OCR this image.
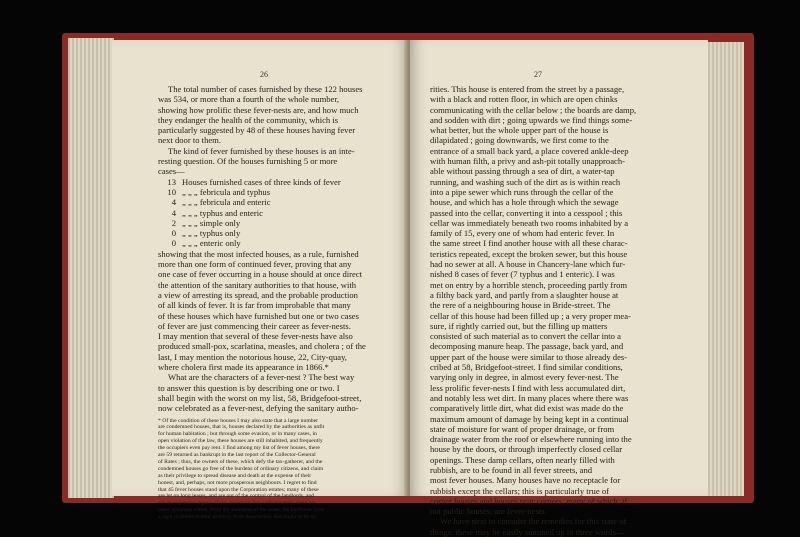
26
The total number of cases furnished by these 122 houses
was 534, or more than a fourth of the whole number,
showing how prolific these fever-nests are, and how much
they endanger the health of the community, which is
particularly suggested by 48 of these houses having fever
next door to them.
The kind of fever furnished by these houses is an inte-
resting question. Of the houses furnishing 5 or more
cases—
13 Houses furnished cases of three kinds of fever
10 „ „ „ febricula and typhus
4 „ „ „ febricula and enteric
4 „ „ „ typhus and enteric
2 „ „ „ simple only
0 „ „ „ typhus only
0 „ „ „ enteric only
showing that the most infected houses, as a rule, furnished
more than one form of continued fever, proving that any
one case of fever occurring in a house should at once direct
the attention of the sanitary authorities to that house, with
a view of arresting its spread, and the probable production
of all kinds of fever. It is far from improbable that many
of these houses which have furnished but one or two cases
of fever are just commencing their career as fever-nests.
I may mention that several of these fever-nests have also
produced small-pox, scarlatina, measles, and cholera ; of the
last, I may mention the notorious house, 22, City-quay,
where cholera first made its appearance in 1866.*
What are the characters of a fever-nest ? The best way
to answer this question is by describing one or two. I
shall begin with the worst on my list, 58, Bridgefoot-street,
now celebrated as a fever-nest, defying the sanitary autho-
* Of the condition of these houses I may also state that a large number
are condemned houses, that is, houses declared by the authorities as unfit
for human habitation ; but through some evasion, or in many cases, in
open violation of the law, these houses are still inhabited, and frequently
the occupiers even pay rent. I find among my list of fever houses, there
are 59 returned as bankrupt in the last report of the Collector-General
of Rates ; thus, the owners of these, which defy the tax-gatherer, and the
condemned houses go free of the burdens of ordinary citizens, and claim
as their privilege to spread disease and death at the expense of their
honest, and, perhaps, not more prosperous neighbours. I regret to find
that 45 fever houses stand upon the Corporation estates; many of these
are let on long leases, and are out of the control of the landlords, and
are an expensive legacy of our ancestors; but, unfortunately, there are
other instances where, from the shortness of the lease, the landlords have
a right to preserve their property from destruction, and ought to do so.
27
rities. This house is entered from the street by a passage,
with a black and rotten floor, in which are open chinks
communicating with the cellar below ; the boards are damp,
and sodden with dirt ; going upwards we find things some-
what better, but the whole upper part of the house is
dilapidated ; going downwards, we first come to the
entrance of a small back yard, a place covered ankle-deep
with human filth, a privy and ash-pit totally unapproach-
able without passing through a sea of dirt, a water-tap
running, and washing such of the dirt as is within reach
into a pipe sewer which runs through the cellar of the
house, and which has a hole through which the sewage
passed into the cellar, converting it into a cesspool ; this
cellar was immediately beneath two rooms inhabited by a
family of 15, every one of whom had enteric fever. In
the same street I find another house with all these charac-
teristics repeated, except the broken sewer, but this house
had no sewer at all. A house in Chancery-lane which fur-
nished 8 cases of fever (7 typhus and 1 enteric). I was
met on entry by a horrible stench, proceeding partly from
a filthy back yard, and partly from a slaughter house at
the rere of a neighbouring house in Bride-street. The
cellar of this house had been filled up ; a very proper mea-
sure, if rightly carried out, but the filling up matters
consisted of such material as to convert the cellar into a
decomposing manure heap. The passage, back yard, and
upper part of the house were similar to those already des-
cribed at 58, Bridgefoot-street. I find similar conditions,
varying only in degree, in almost every fever-nest. The
less prolific fever-nests I find with less accumulated dirt,
and notably less wet dirt. In many places where there was
comparatively little dirt, what did exist was made do the
maximum amount of damage by being kept in a continual
state of moisture for want of proper drainage, or from
drainage water from the roof or elsewhere running into the
house by the doors, or through imperfectly closed cellar
openings. These damp cellars, often nearly filled with
rubbish, are to be found in all fever streets, and
most fever houses. Many houses have no receptacle for
rubbish except the cellars; this is particularly true of
corner houses and houses near corners, many of which, if
not public houses, are fever-nests.
We have next to consider the remedies for this state of
things: these may be easily summed up in three words—
